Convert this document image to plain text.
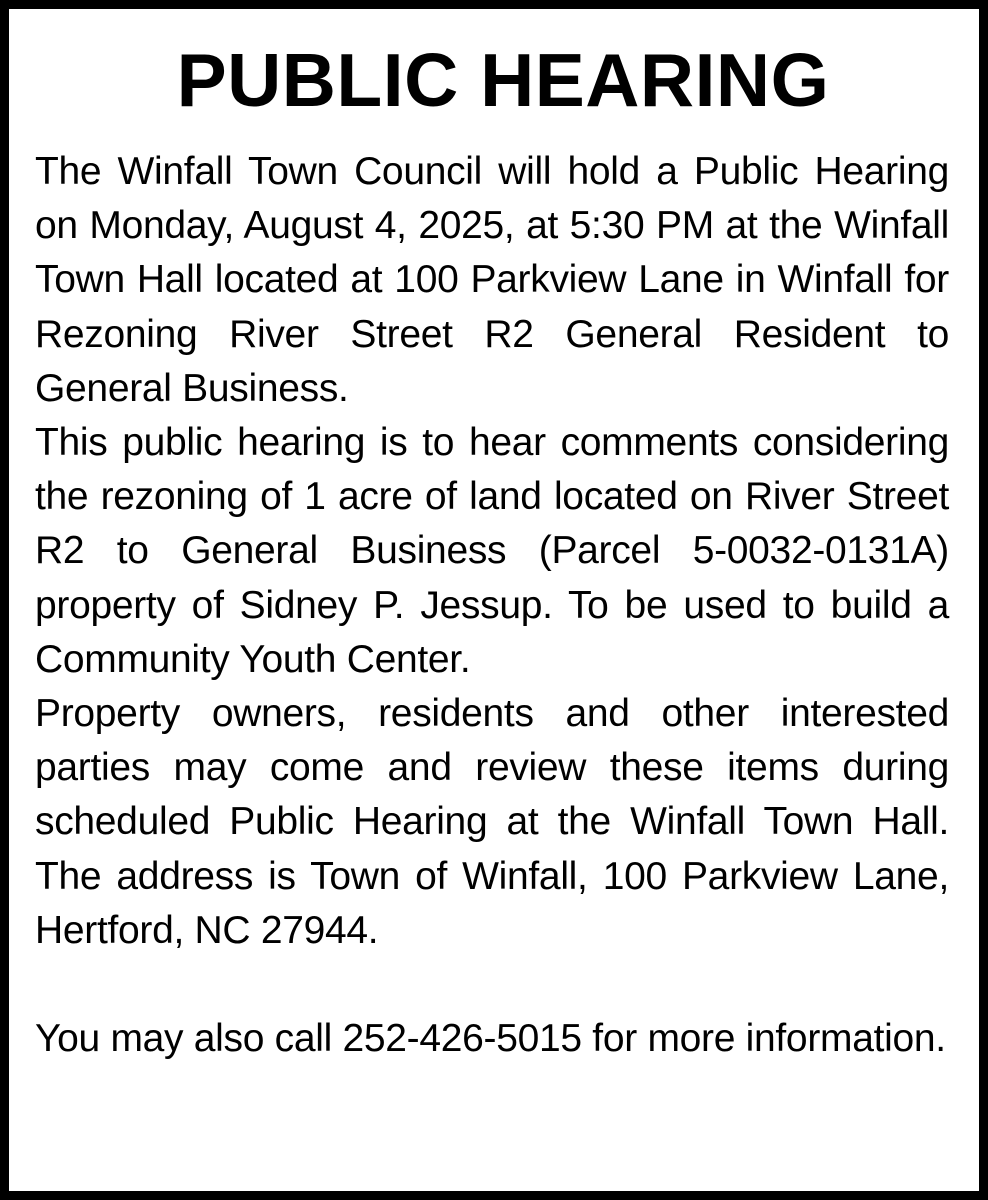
PUBLIC HEARING

The Winfall Town Council will hold a Public Hearing on Monday, August 4, 2025, at 5:30 PM at the Winfall Town Hall located at 100 Parkview Lane in Winfall for Rezoning River Street R2 General Resident to General Business.

This public hearing is to hear comments considering the rezoning of 1 acre of land located on River Street R2 to General Business (Parcel 5-0032-0131A) property of Sidney P. Jessup. To be used to build a Community Youth Center.

Property owners, residents and other interested parties may come and review these items during scheduled Public Hearing at the Winfall Town Hall. The address is Town of Winfall, 100 Parkview Lane, Hertford, NC 27944.

You may also call 252-426-5015 for more information.
